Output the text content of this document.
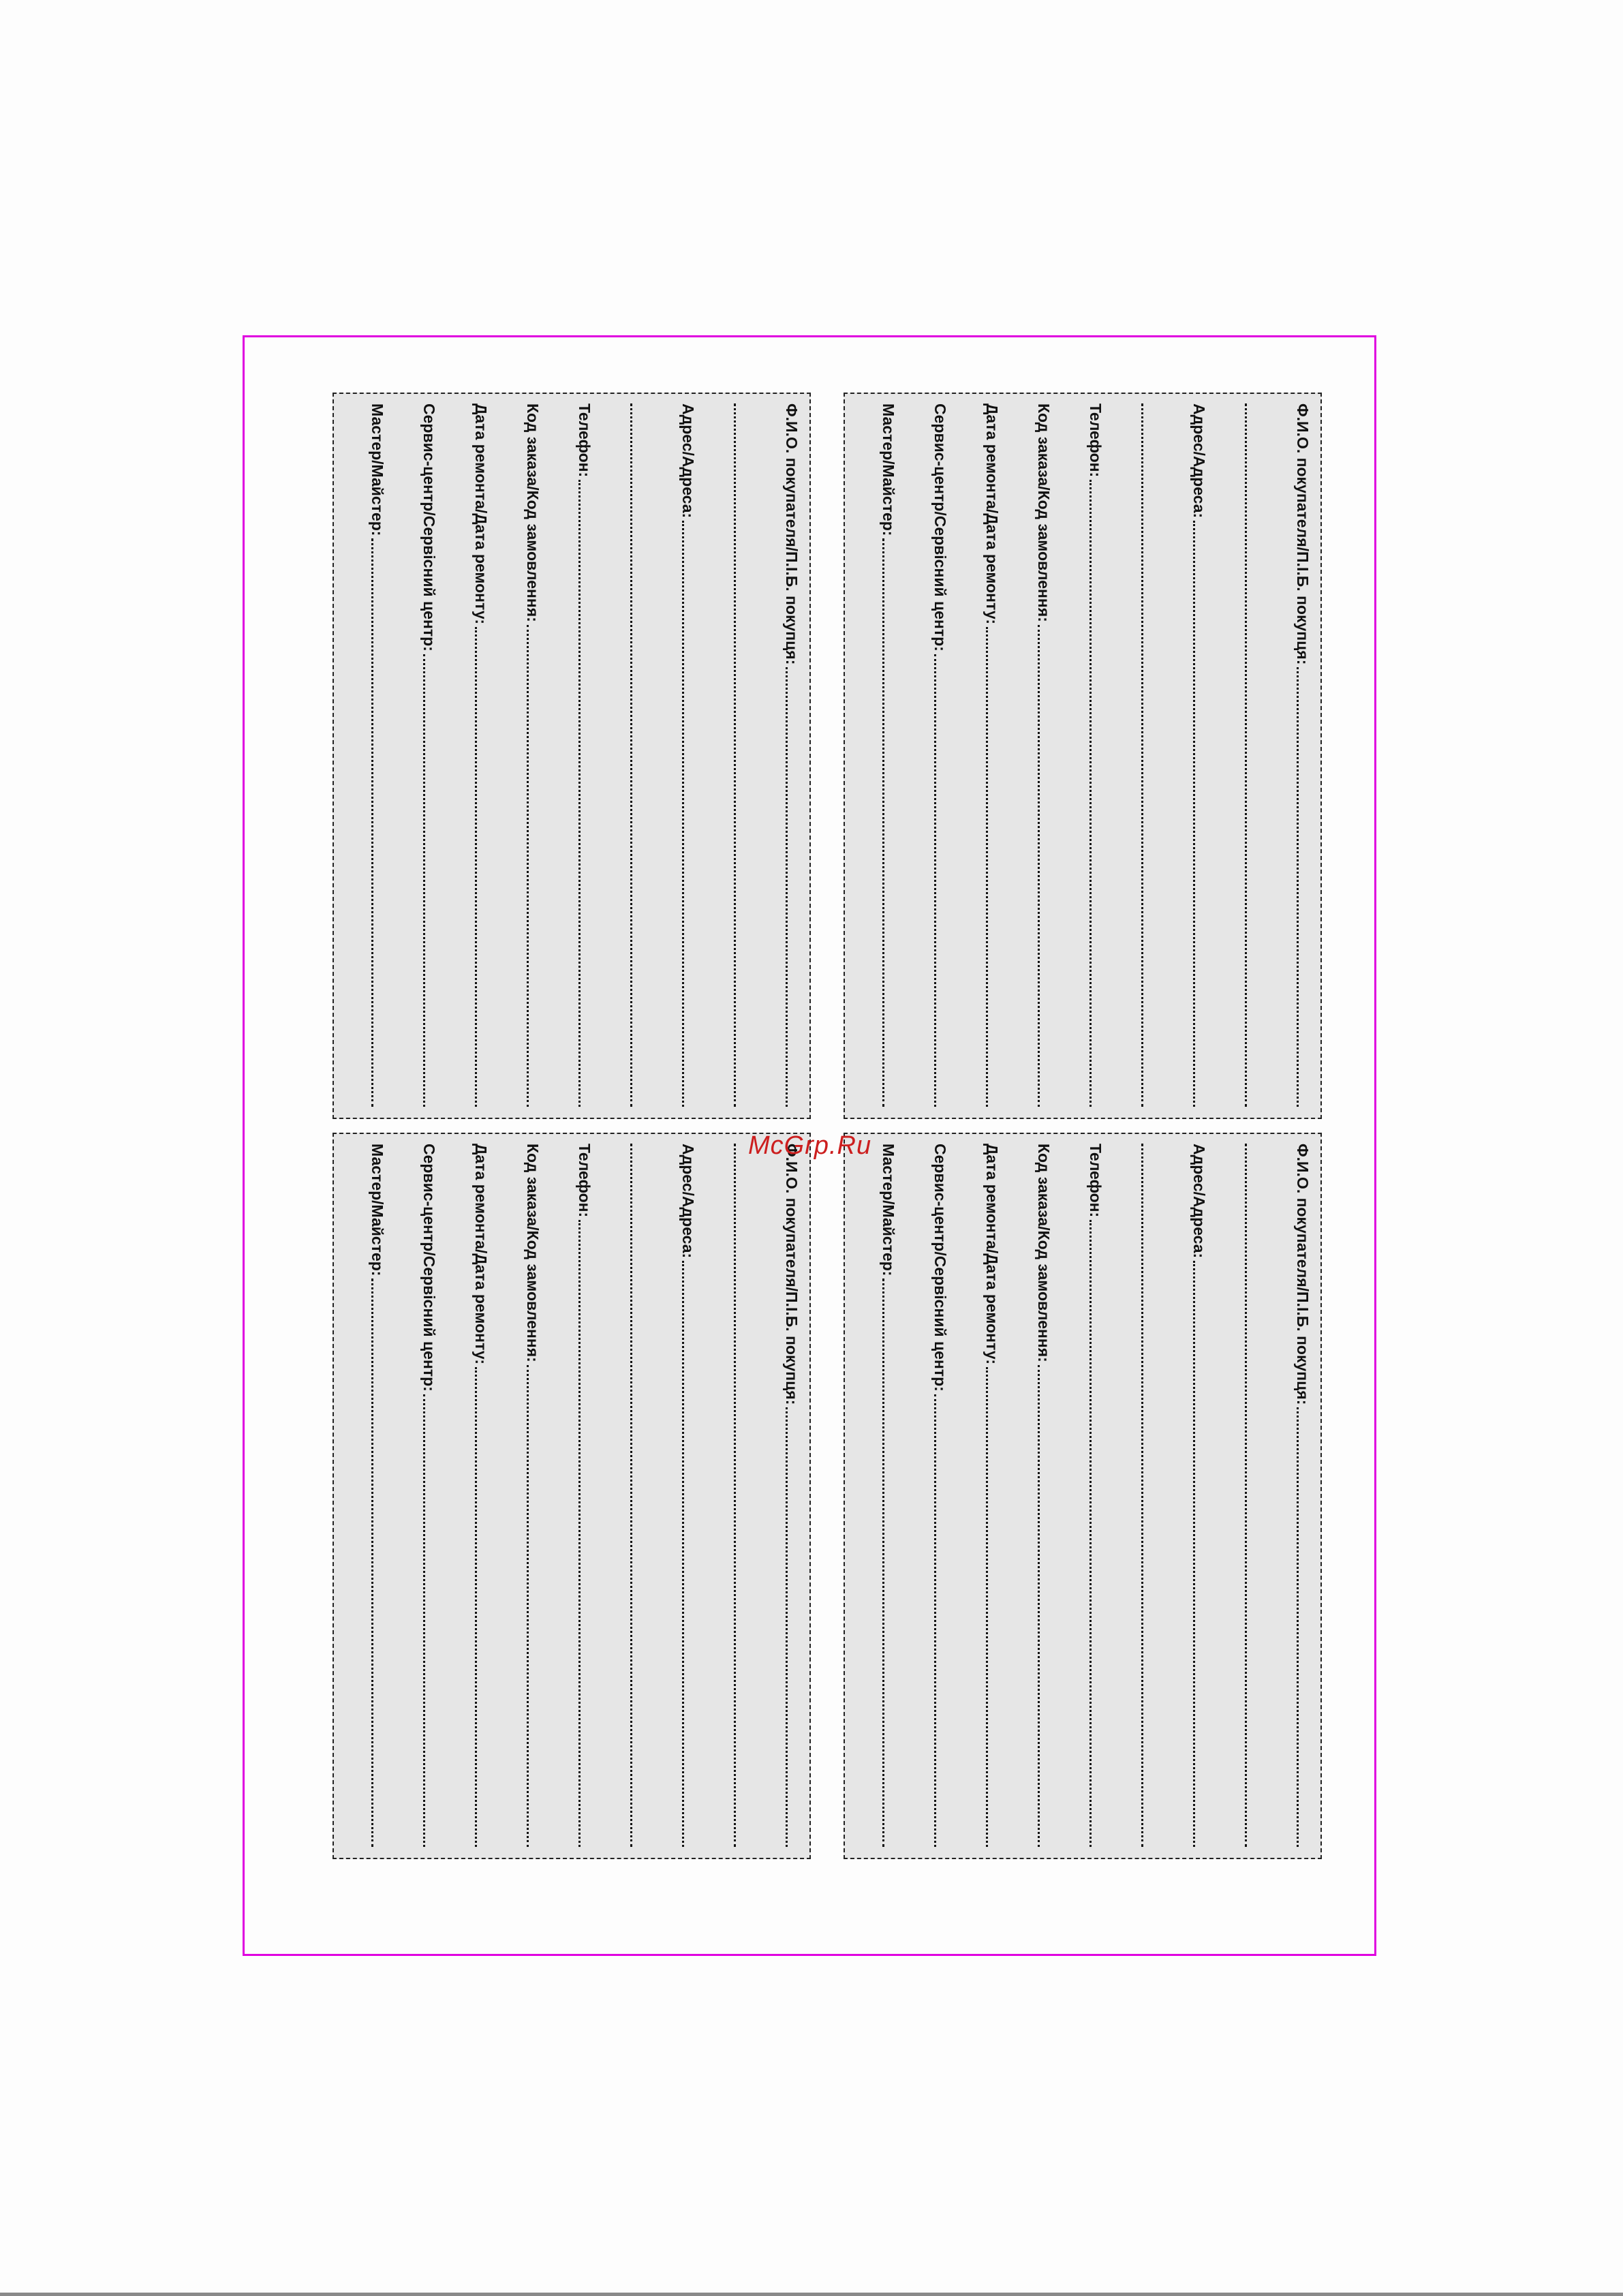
Ф.И.О. покупателя/П.І.Б. покупця:
Адрес/Адреса:
Телефон:
Код заказа/Код замовлення:
Дата ремонта/Дата ремонту:
Сервис-центр/Сервісний центр:
Мастер/Майстер:
Ф.И.О. покупателя/П.І.Б. покупця:
Адрес/Адреса:
Телефон:
Код заказа/Код замовлення:
Дата ремонта/Дата ремонту:
Сервис-центр/Сервісний центр:
Мастер/Майстер:
Ф.И.О. покупателя/П.І.Б. покупця:
Адрес/Адреса:
Телефон:
Код заказа/Код замовлення:
Дата ремонта/Дата ремонту:
Сервис-центр/Сервісний центр:
Мастер/Майстер:
Ф.И.О. покупателя/П.І.Б. покупця:
Адрес/Адреса:
Телефон:
Код заказа/Код замовлення:
Дата ремонта/Дата ремонту:
Сервис-центр/Сервісний центр:
Мастер/Майстер:	McGrp.Ru
